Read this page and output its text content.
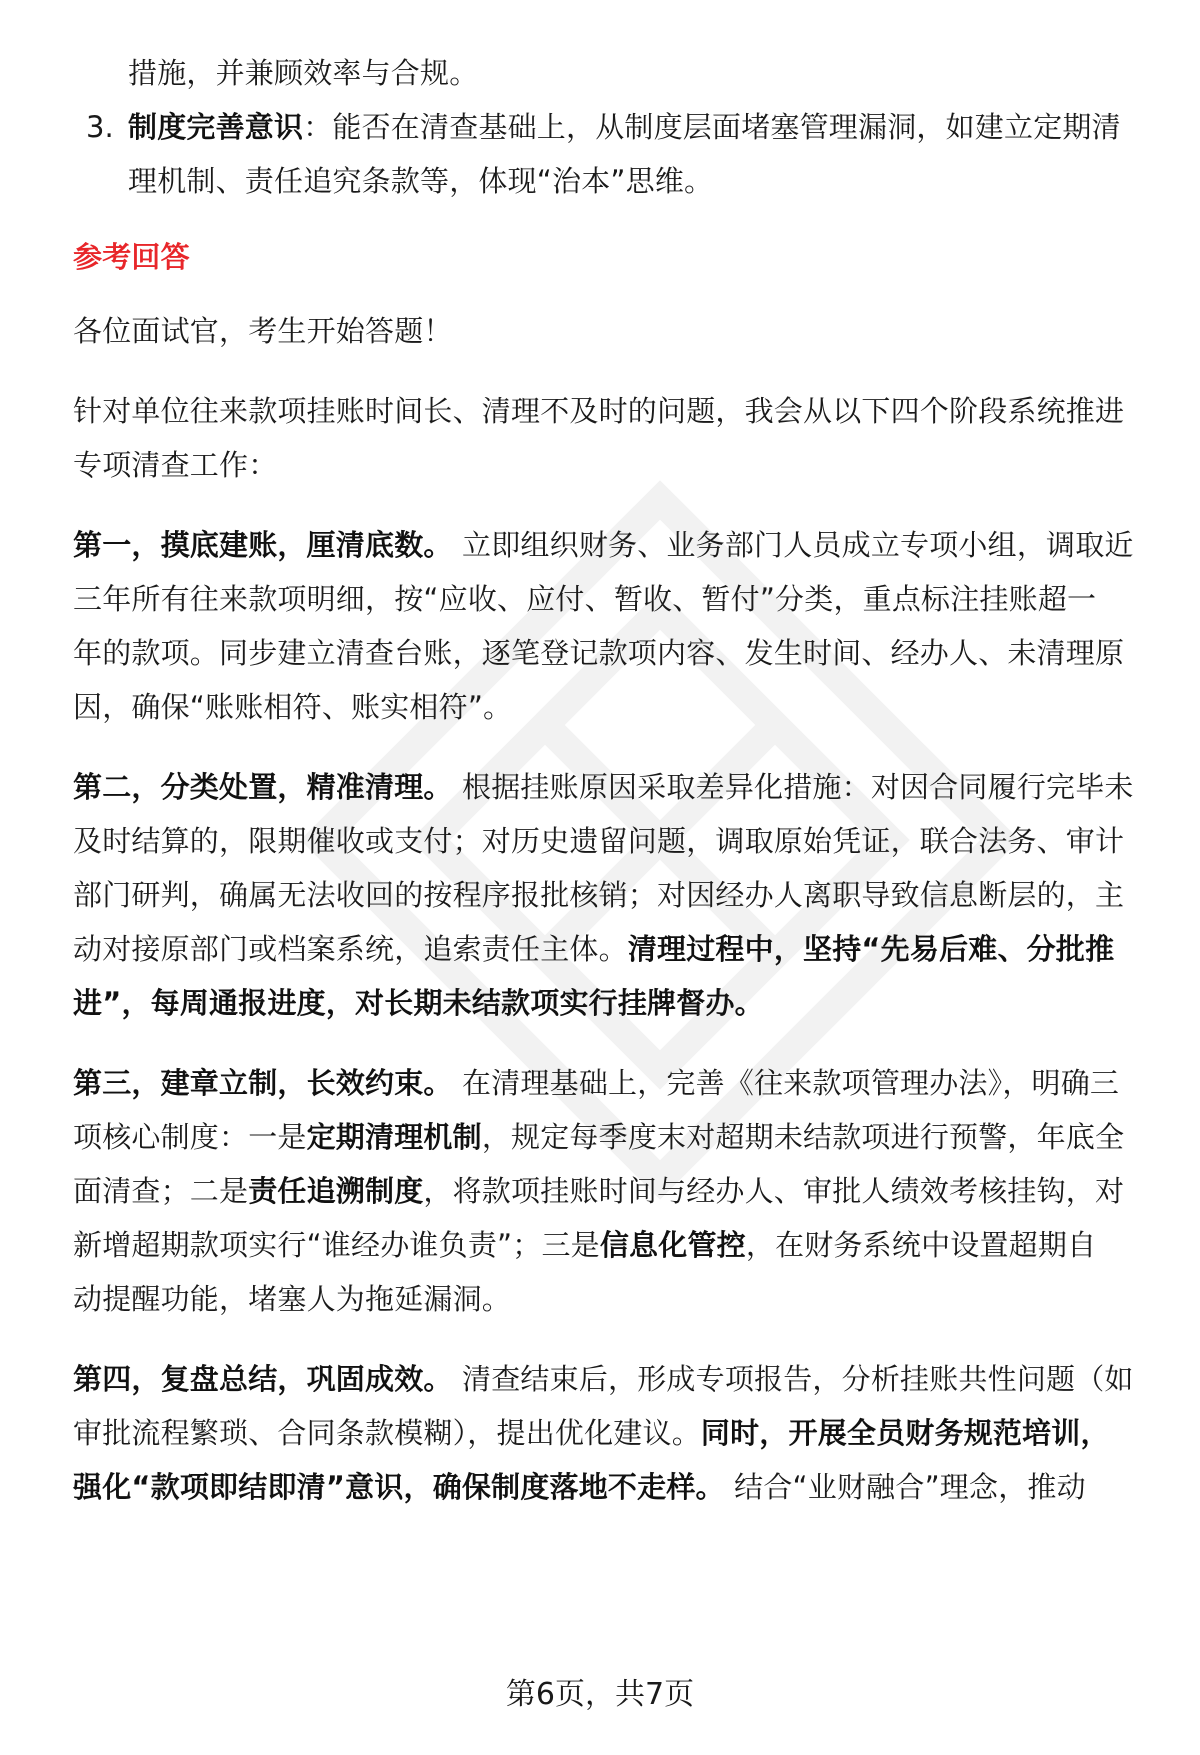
措施，并兼顾效率与合规。
3. 制度完善意识：能否在清查基础上，从制度层面堵塞管理漏洞，如建立定期清
理机制、责任追究条款等，体现“治本”思维。
参考回答
各位面试官，考生开始答题！
针对单位往来款项挂账时间长、清理不及时的问题，我会从以下四个阶段系统推进
专项清查工作：
第一，摸底建账，厘清底数。 立即组织财务、业务部门人员成立专项小组，调取近
三年所有往来款项明细，按“应收、应付、暂收、暂付”分类，重点标注挂账超一
年的款项。同步建立清查台账，逐笔登记款项内容、发生时间、经办人、未清理原
因，确保“账账相符、账实相符”。
第二，分类处置，精准清理。 根据挂账原因采取差异化措施：对因合同履行完毕未
及时结算的，限期催收或支付；对历史遗留问题，调取原始凭证，联合法务、审计
部门研判，确属无法收回的按程序报批核销；对因经办人离职导致信息断层的，主
动对接原部门或档案系统，追索责任主体。清理过程中，坚持“先易后难、分批推
进”，每周通报进度，对长期未结款项实行挂牌督办。
第三，建章立制，长效约束。 在清理基础上，完善《往来款项管理办法》，明确三
项核心制度：一是定期清理机制，规定每季度末对超期未结款项进行预警，年底全
面清查；二是责任追溯制度，将款项挂账时间与经办人、审批人绩效考核挂钩，对
新增超期款项实行“谁经办谁负责”；三是信息化管控，在财务系统中设置超期自
动提醒功能，堵塞人为拖延漏洞。
第四，复盘总结，巩固成效。 清查结束后，形成专项报告，分析挂账共性问题（如
审批流程繁琐、合同条款模糊），提出优化建议。同时，开展全员财务规范培训，
强化“款项即结即清”意识，确保制度落地不走样。 结合“业财融合”理念，推动
第6页，共7页
